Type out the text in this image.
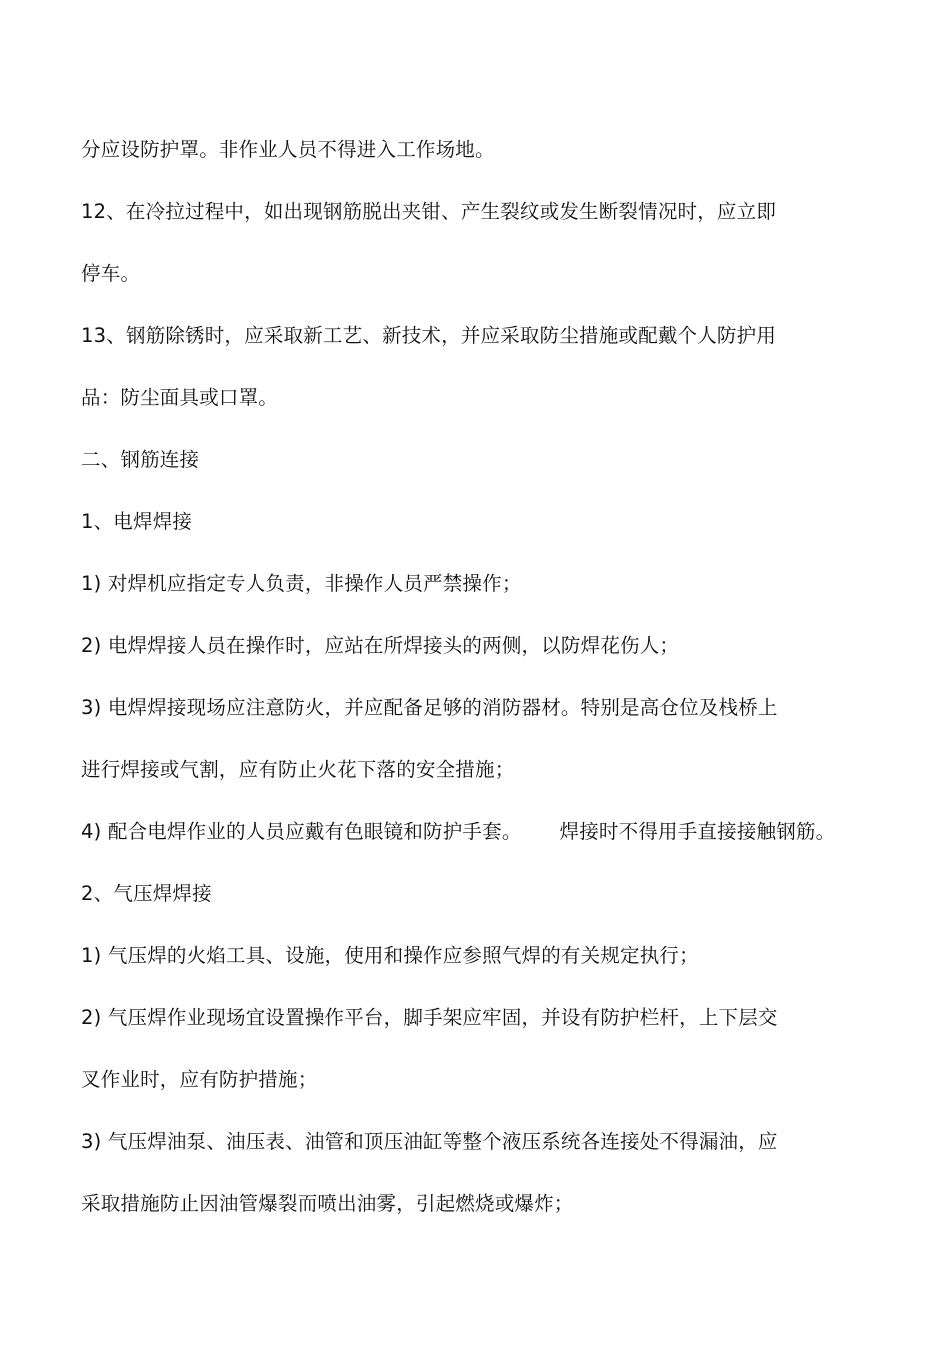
分应设防护罩。非作业人员不得进入工作场地。
12、在冷拉过程中，如出现钢筋脱出夹钳、产生裂纹或发生断裂情况时，应立即
停车。
13、钢筋除锈时，应采取新工艺、新技术，并应采取防尘措施或配戴个人防护用
品：防尘面具或口罩。
二、钢筋连接
1、电焊焊接
1) 对焊机应指定专人负责，非操作人员严禁操作；
2) 电焊焊接人员在操作时，应站在所焊接头的两侧，以防焊花伤人；
3) 电焊焊接现场应注意防火，并应配备足够的消防器材。特别是高仓位及栈桥上
进行焊接或气割，应有防止火花下落的安全措施；
4) 配合电焊作业的人员应戴有色眼镜和防护手套。 焊接时不得用手直接接触钢筋。
2、气压焊焊接
1) 气压焊的火焰工具、设施，使用和操作应参照气焊的有关规定执行；
2) 气压焊作业现场宜设置操作平台，脚手架应牢固，并设有防护栏杆，上下层交
叉作业时，应有防护措施；
3) 气压焊油泵、油压表、油管和顶压油缸等整个液压系统各连接处不得漏油，应
采取措施防止因油管爆裂而喷出油雾，引起燃烧或爆炸；
